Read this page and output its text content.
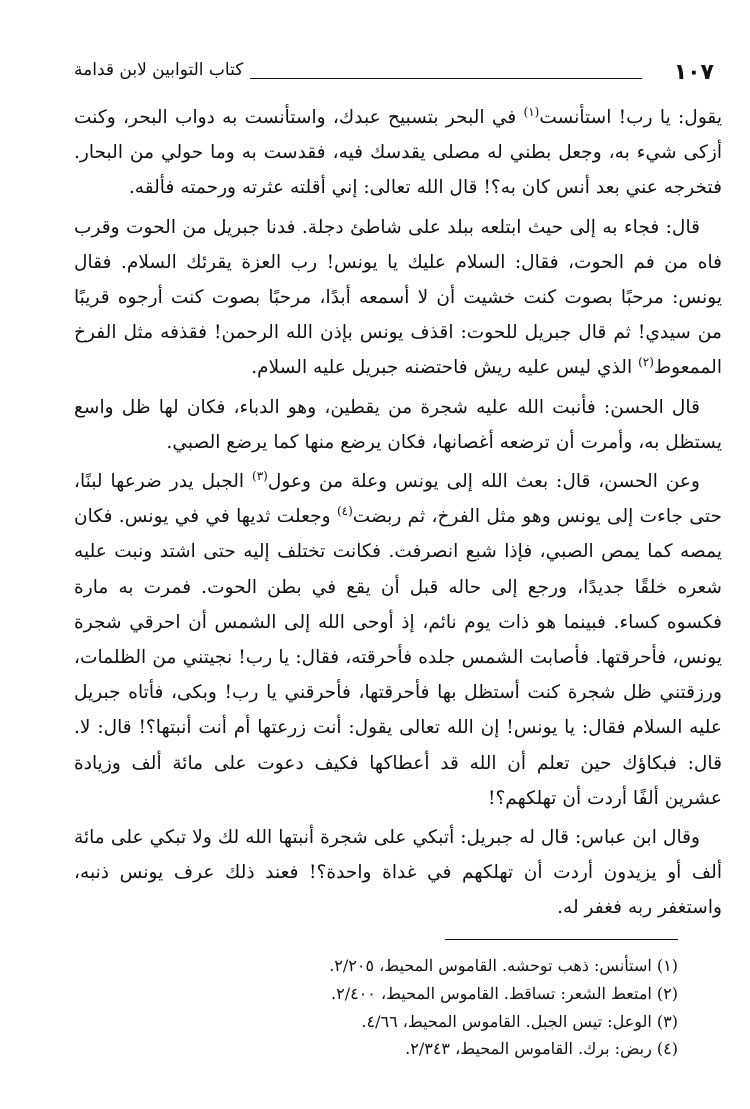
١٠٧
كتاب التوابين لابن قدامة

يقول: يا رب! استأنست$^{(١)}$ في البحر بتسبيح عبدك، واستأنست به دواب البحر، وكنت أزكى شيء به، وجعل بطني له مصلى يقدسك فيه، فقدست به وما حولي من البحار. فتخرجه عني بعد أنس كان به؟! قال الله تعالى: إني أقلته عثرته ورحمته فألقه.

قال: فجاء به إلى حيث ابتلعه ببلد على شاطئ دجلة. فدنا جبريل من الحوت وقرب فاه من فم الحوت، فقال: السلام عليك يا يونس! رب العزة يقرئك السلام. فقال يونس: مرحبًا بصوت كنت خشيت أن لا أسمعه أبدًا، مرحبًا بصوت كنت أرجوه قريبًا من سيدي! ثم قال جبريل للحوت: اقذف يونس بإذن الله الرحمن! فقذفه مثل الفرخ الممعوط$^{(٢)}$ الذي ليس عليه ريش فاحتضنه جبريل عليه السلام.

قال الحسن: فأنبت الله عليه شجرة من يقطين، وهو الدباء، فكان لها ظل واسع يستظل به، وأمرت أن ترضعه أغصانها، فكان يرضع منها كما يرضع الصبي.

وعن الحسن، قال: بعث الله إلى يونس وعلة من وعول$^{(٣)}$ الجبل يدر ضرعها لبنًا، حتى جاءت إلى يونس وهو مثل الفرخ، ثم ربضت$^{(٤)}$ وجعلت ثديها في في يونس. فكان يمصه كما يمص الصبي، فإذا شبع انصرفت. فكانت تختلف إليه حتى اشتد ونبت عليه شعره خلقًا جديدًا، ورجع إلى حاله قبل أن يقع في بطن الحوت. فمرت به مارة فكسوه كساء. فبينما هو ذات يوم نائم، إذ أوحى الله إلى الشمس أن احرقي شجرة يونس، فأحرقتها. فأصابت الشمس جلده فأحرقته، فقال: يا رب! نجيتني من الظلمات، ورزقتني ظل شجرة كنت أستظل بها فأحرقتها، فأحرقني يا رب! وبكى، فأتاه جبريل عليه السلام فقال: يا يونس! إن الله تعالى يقول: أنت زرعتها أم أنت أنبتها؟! قال: لا. قال: فبكاؤك حين تعلم أن الله قد أعطاكها فكيف دعوت على مائة ألف وزيادة عشرين ألفًا أردت أن تهلكهم؟!

وقال ابن عباس: قال له جبريل: أتبكي على شجرة أنبتها الله لك ولا تبكي على مائة ألف أو يزيدون أردت أن تهلكهم في غداة واحدة؟! فعند ذلك عرف يونس ذنبه، واستغفر ربه فغفر له.

(١) استأنس: ذهب توحشه. القاموس المحيط، ٢/٢٠٥.

(٢) امتعط الشعر: تساقط. القاموس المحيط، ٢/٤٠٠.

(٣) الوعل: تيس الجبل. القاموس المحيط، ٤/٦٦.

(٤) ربض: برك. القاموس المحيط، ٢/٣٤٣.
